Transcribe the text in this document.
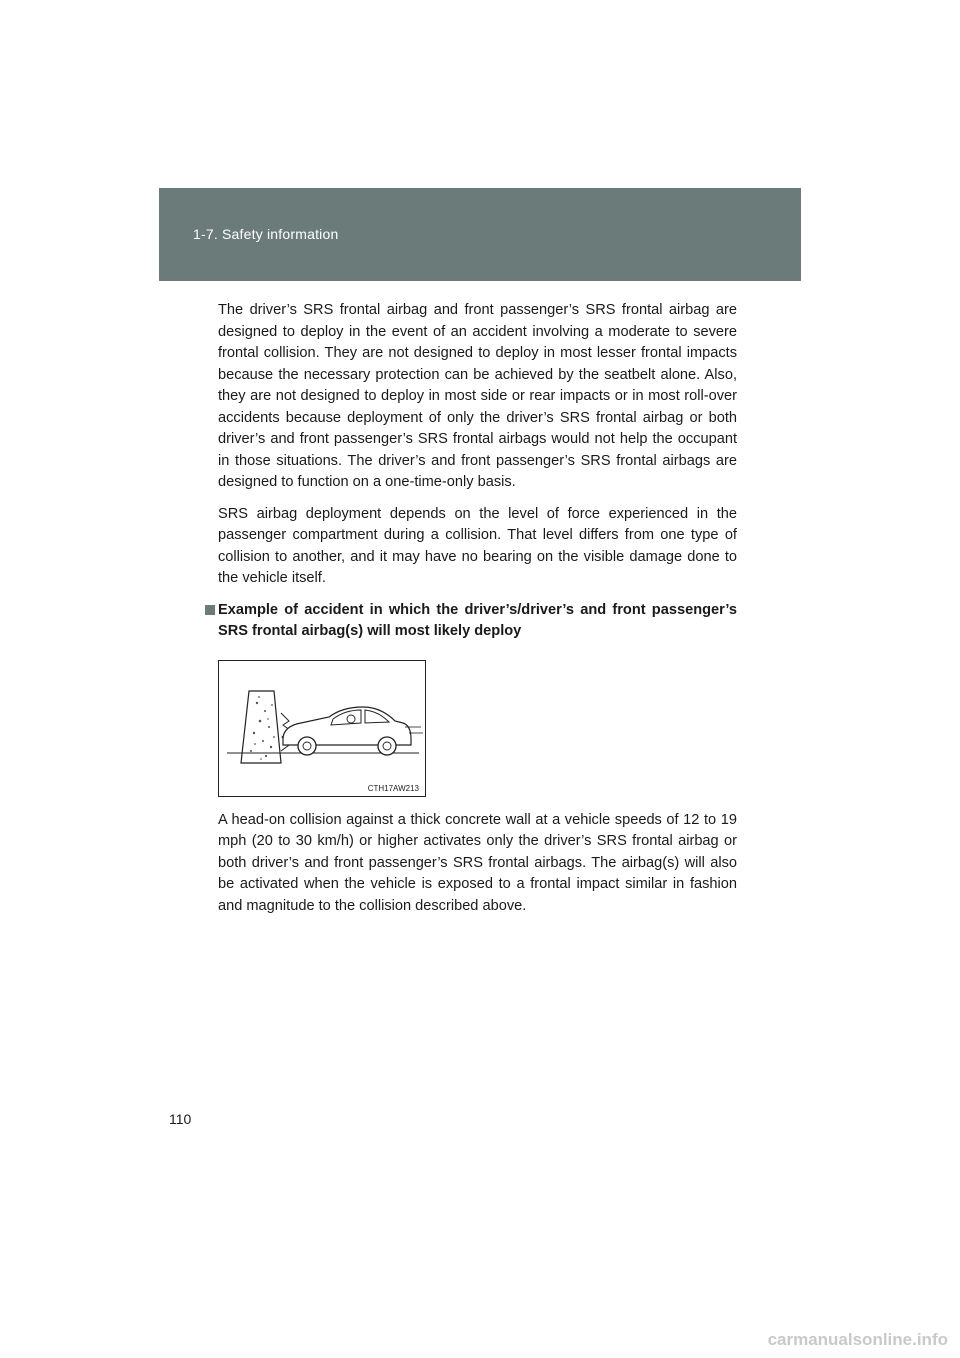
1-7. Safety information

The driver’s SRS frontal airbag and front passenger’s SRS frontal airbag are designed to deploy in the event of an accident involving a moderate to severe frontal collision. They are not designed to deploy in most lesser frontal impacts because the necessary protection can be achieved by the seatbelt alone. Also, they are not designed to deploy in most side or rear impacts or in most roll-over accidents because deployment of only the driver’s SRS frontal airbag or both driver’s and front passenger’s SRS frontal airbags would not help the occupant in those situations. The driver’s and front passenger’s SRS frontal airbags are designed to function on a one-time-only basis.

SRS airbag deployment depends on the level of force experienced in the passenger compartment during a collision. That level differs from one type of collision to another, and it may have no bearing on the visible damage done to the vehicle itself.

Example of accident in which the driver’s/driver’s and front passenger’s SRS frontal airbag(s) will most likely deploy

CTH17AW213

A head-on collision against a thick concrete wall at a vehicle speeds of 12 to 19 mph (20 to 30 km/h) or higher activates only the driver’s SRS frontal airbag or both driver’s and front passenger’s SRS frontal airbags. The airbag(s) will also be activated when the vehicle is exposed to a frontal impact similar in fashion and magnitude to the collision described above.

110
carmanualsonline.info
